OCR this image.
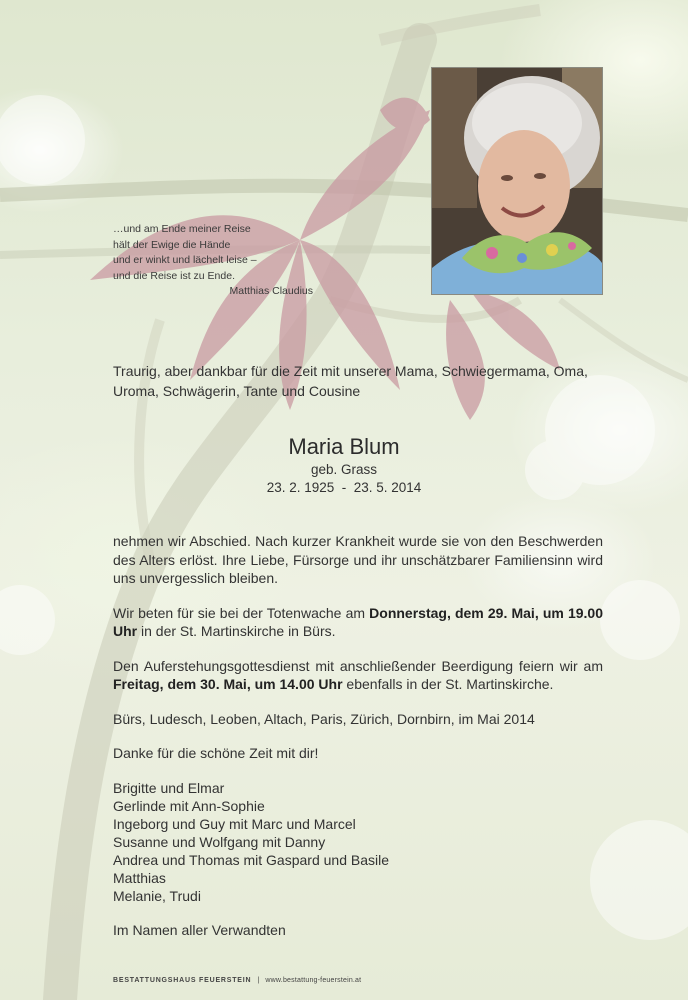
…und am Ende meiner Reise
hält der Ewige die Hände
und er winkt und lächelt leise –
und die Reise ist zu Ende.
Matthias Claudius
Traurig, aber dankbar für die Zeit mit unserer Mama, Schwiegermama, Oma, Uroma, Schwägerin, Tante und Cousine
Maria Blum
geb. Grass
23. 2. 1925  -  23. 5. 2014

nehmen wir Abschied. Nach kurzer Krankheit wurde sie von den Beschwerden des Alters erlöst. Ihre Liebe, Fürsorge und ihr unschätzbarer Familiensinn wird uns unvergesslich bleiben.

Wir beten für sie bei der Totenwache am Donnerstag, dem 29. Mai, um 19.00 Uhr in der St. Martinskirche in Bürs.

Den Auferstehungsgottesdienst mit anschließender Beerdigung feiern wir am Freitag, dem 30. Mai, um 14.00 Uhr ebenfalls in der St. Martinskirche.

Bürs, Ludesch, Leoben, Altach, Paris, Zürich, Dornbirn, im Mai 2014

Danke für die schöne Zeit mit dir!

Brigitte und Elmar
Gerlinde mit Ann-Sophie
Ingeborg und Guy mit Marc und Marcel
Susanne und Wolfgang mit Danny
Andrea und Thomas mit Gaspard und Basile
Matthias
Melanie, Trudi

Im Namen aller Verwandten

BESTATTUNGSHAUS FEUERSTEIN | www.bestattung-feuerstein.at
